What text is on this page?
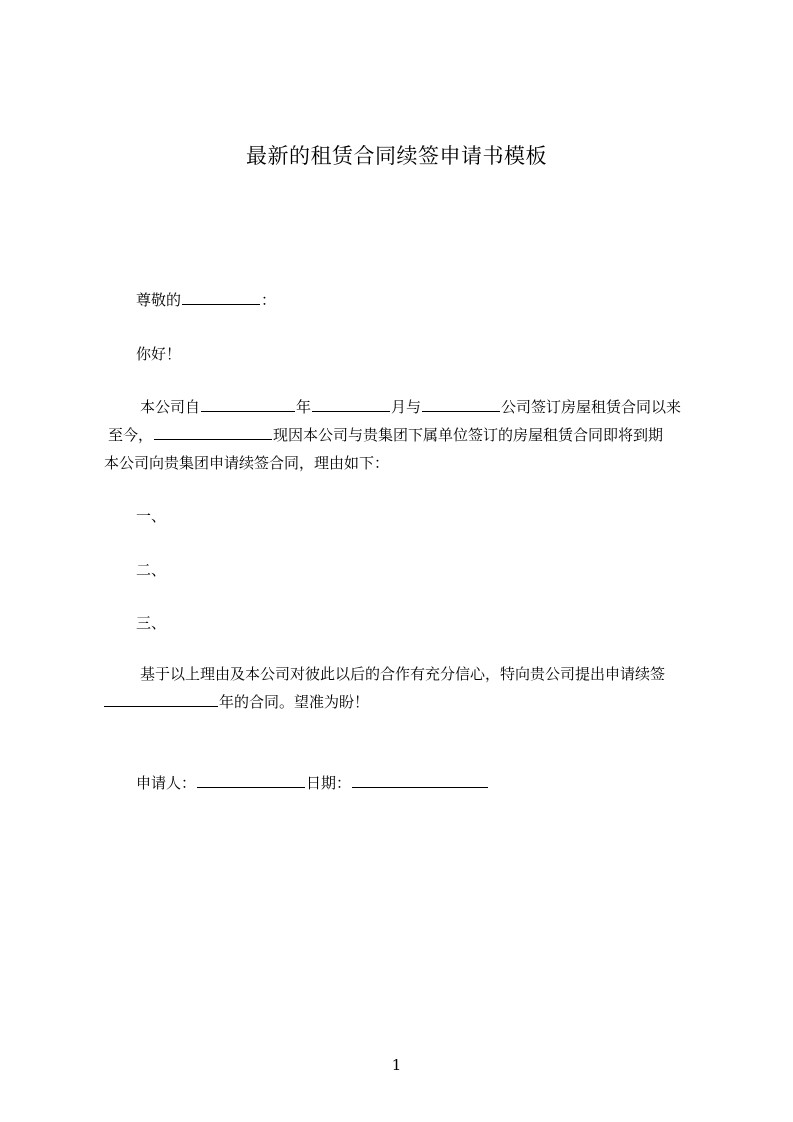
最新的租赁合同续签申请书模板
尊敬的	：
你好！
本公司自	年	月与	公司签订房屋租赁合同以来
至今，	现因本公司与贵集团下属单位签订的房屋租赁合同即将到期
本公司向贵集团申请续签合同，理由如下：
一、
二、
三、
基于以上理由及本公司对彼此以后的合作有充分信心，特向贵公司提出申请续签
年的合同。望准为盼！
申请人：	日期：
1
